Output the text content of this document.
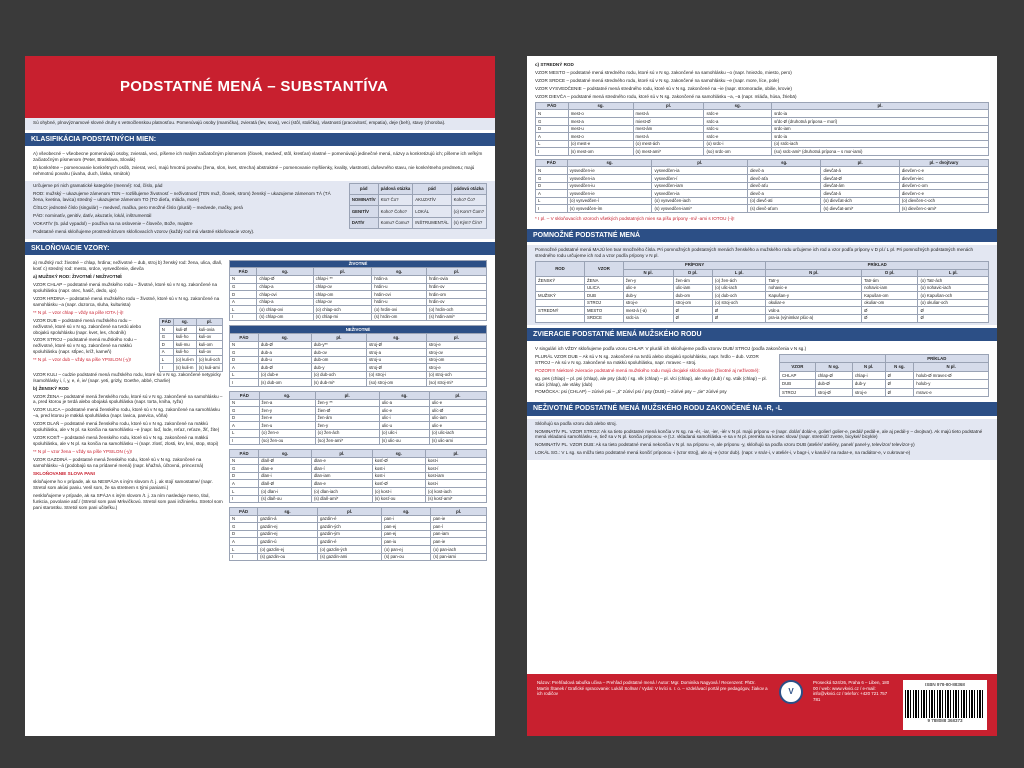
PODSTATNÉ MENÁ – SUBSTANTÍVA
Sú ohybné, plnovýznamové slovné druhy s vetnočlenskou platnosťou. Pomenúvajú osoby (mamička), zvieratá (lev, sova), veci (stôl, stolička), vlastnosti (pracovitosť, empatia), deje (beh), stavy (choroba).
KLASIFIKÁCIA PODSTATNÝCH MIEN:
A) všeobecné – všeobecne pomenúvajú osoby, zvieratá, veci, píšeme ich malým začiatočným písmenom (človek, medveď, stôl, kresťan) vlastné – pomenúvajú jedinečné mená, názvy a konkretizujú ich; píšeme ich veľkým začiatočným písmenom (Peter, Bratislava, Slovák)
B) konkrétne – pomenovanie konkrétnych osôb, zvierat, vecí, majú hmotnú povahu (žena, slon, kvet, strecha) abstraktné – pomenovanie myšlienky, kvality, vlastnosti, duševného stavu, nie konkrétneho predmetu; majú nehmotnú povahu (úvaha, duch, láska, smútok)
Určujeme pri nich gramatické kategórie (menné): rod, číslo, pád
ROD: mužský – ukazujeme zámenom TEN – rozlišujeme životnosť – neživotnosť (TEN muž, človek, strom) ženský – ukazujeme zámenom TÁ (TÁ žena, kvetina, lavica) stredný – ukazujeme zámenom TO (TO dieťa, mláďa, more)
ČÍSLO: jednotné číslo (singulár) – medveď, mačka, pero množné číslo (plurál) – medvede, mačky, perá
PÁD: nominatív, genitív, datív, akuzatív, lokál, inštrumentál
VOKATÍV (5. pád vypadol) – používa sa na oslovenie – človeče, Bože, majstre
pád	pádová otázka	pád	pádová otázka
NOMINATÍV	Kto? Čo?	AKUZATÍV	Koho? Čo?
GENITÍV	Koho? Čoho?	LOKÁL	(o) Kom? Čom?
DATÍV	Komu? Čomu?	INŠTRUMENTÁL	(s) Kým? Čím?
Podstatné mená skloňujeme prostredníctvom skloňovacích vzorov (každý rod má vlastné skloňovacie vzory).
SKLOŇOVACIE VZORY:
a) mužský rod: životné – chlap, hrdina; neživotné – dub, stroj b) ženský rod: žena, ulica, dlaň, kosť c) stredný rod: mesto, srdce, vysvedčenie, dievča
a) MUŽSKÝ ROD: ŽIVOTNÉ / NEŽIVOTNÉ
VZOR CHLAP – podstatné mená mužského rodu – životné, ktoré sú v N sg. zakončené na spoluhlásku (napr. otec, hasič, dedo, ujo)
VZOR HRDINA – podstatné mená mužského rodu – životné, ktoré sú v N sg. zakončené na samohlásku –a (napr. dozorca, sluha, kulturista)
** N pl. – vzor chlap – vždy sa píše IOTA (-i)!
VZOR DUB – podstatné mená mužského rodu – neživotné, ktoré sú v N sg. zakončené na tvrdú alebo obojakú spoluhlásku (napr. kvet, les, chodník)
VZOR STROJ – podstatné mená mužského rodu – neživotné, ktoré sú v N sg. zakončené na mäkkú spoluhlásku (napr. stĺpec, kríž, kameň)
** N pl. – vzor dub – vždy sa píše YPSILON (-y)!
PÁD	sg.	pl.
N	kuli-Ø	kuli-ovia
G	kuli-ho	kuli-ov
D	kuli-mu	kuli-om
A	kuli-ho	kuli-ov
L	(o) kuli-m	(o) kuli-och
I	(s) kuli-m	(s) kuli-ami
VZOR KULI – cudzie podstatné mená mužského rodu, ktoré sú v N sg. zakončené netypicky /samohlásky i, í, y, e, é, ie/ (napr. yeti, grizly, Goethe, abbé, Charlie)
b) ŽENSKÝ ROD
VZOR ŽENA – podstatné mená ženského rodu, ktoré sú v N sg. zakončené na samohlásku –a, pred ktorou je tvrdá alebo obojaká spoluhláska (napr. torta, kniha, ryža)
VZOR ULICA – podstatné mená ženského rodu, ktoré sú v N sg. zakončené na samohlásku –a, pred ktorou je mäkká spoluhláska (napr. lavica, panvica, vôňa)
VZOR DLAŇ – podstatné mená ženského rodu, ktoré sú v N sg. zakončené na mäkkú spoluhlásku, ale v N pl. sa končia na samohlásku –e (napr. loď, lode, reťaz, reťaze, žiť, žite)
VZOR KOSŤ – podstatné mená ženského rodu, ktoré sú v N sg. zakončené na mäkkú spoluhlásku, ale v N pl. sa končia na samohlásku –i (napr. zlosť, zlosti, krv, krvi, stop, stopi)
** N pl – vzor žena – vždy sa píše YPSILON (-y)!
VZOR GAZDINÁ – podstatné mená ženského rodu, ktoré sú v N sg. zakončené na samohlásku –á (podobajú sa na prídavné mená) (napr. kňažná, účtovná, princezná)
SKLOŇOVANIE SLOVA PANI
skloňujeme ho v prípade, ak sa NESPÁJA s iným slovom /t. j. ak stojí samostatne/ (napr. Stretol som akúsi paniu. Veril som, že sa stretnem s tými paniami.)
neskloňujeme v prípade, ak sa SPÁJA s iným slovom /t. j. za ním nasleduje meno, titul, funkcia, povolanie atď./ (Stretol som pani Mrkvičkovú. Stretol som pani inžinierku. Stretol som pani starostku. Stretol som pani učiteľku.)
ŽIVOTNÉ				
PÁD	sg.	pl.	sg.	pl.
N	chlap-Ø	chlap-i **	hrdin-a	hrdin-ovia
G	chlap-a	chlap-ov	hrdin-u	hrdin-ov
D	chlap-ovi	chlap-om	hrdin-ovi	hrdin-om
A	chlap-a	chlap-ov	hrdin-u	hrdin-ov
L	(o) chlap-ovi	(o) chlap-och	(o) hrdin-ovi	(o) hrdin-och
I	(s) chlap-om	(s) chlap-mi	(s) hrdin-om	(s) hrdin-ami*
NEŽIVOTNÉ				
PÁD	sg.	pl.	sg.	pl.
N	dub-Ø	dub-y**	stroj-Ø	stroj-e
G	dub-a	dub-ov	stroj-a	stroj-ov
D	dub-u	dub-om	stroj-u	stroj-om
A	dub-Ø	dub-y	stroj-Ø	stroj-e
L	(o) dub-e	(o) dub-och	(o) stroj-i	(o) stroj-och
I	(s) dub-om	(s) dub-mi*	(so) stroj-om	(so) stroj-mi*
PÁD	sg.	pl.	sg.	pl.
N	žen-a	žen-y **	ulic-a	ulic-e
G	žen-y	žien-Ø	ulic-e	ulíc-Ø
D	žen-e	žen-ám	ulic-i	ulic-iam
A	žen-u	žen-y	ulic-u	ulic-e
L	(o) žen-e	(o) žen-ách	(o) ulic-i	(o) ulic-iach
I	(so) žen-ou	(so) žen-ami*	(s) ulic-ou	(s) ulic-ami
PÁD	sg.	pl.	sg.	pl.
N	dlaň-Ø	dlan-e	kosť-Ø	kost-i
G	dlan-e	dlan-í	kost-i	kost-í
D	dlan-i	dlan-iam	kost-i	kost-iam
A	dlaň-Ø	dlan-e	kosť-Ø	kost-i
L	(o) dlan-i	(o) dlan-iach	(o) kost-i	(o) kost-iach
I	(s) dlaň-ou	(s) dlaň-ami*	(s) kosť-ou	(s) kosť-ami*
PÁD	sg.	pl.	sg.	pl.
N	gazdin-á	gazdin-é	pan-i	pan-ie
G	gazdin-ej	gazdin-ých	pan-ej	pan-í
D	gazdin-ej	gazdin-ým	pan-ej	pan-iam
A	gazdin-ú	gazdin-é	pan-iu	pan-ie
L	(o) gazdin-ej	(o) gazdin-ých	(o) pan-ej	(o) pan-iach
I	(s) gazdin-ou	(s) gazdin-ami	(s) pan-ou	(s) pan-iami
c) STREDNÝ ROD
VZOR MESTO – podstatné mená stredného rodu, ktoré sú v N sg. zakončené na samohlásku –o (napr. hniezdo, miesto, pero)
VZOR SRDCE – podstatné mená stredného rodu, ktoré sú v N sg. zakončené na samohlásku –e (napr. more, líce, pole)
VZOR VYSVEDČENIE – podstatné mená stredného rodu, ktoré sú v N sg. zakončené na –ie (napr. stromoradie, obilie, krovie)
VZOR DIEVČA – podstatné mená stredného rodu, ktoré sú v N sg. zakončené na samohlásku –a, –ä (napr. mláďa, húsa, žriebä)
PÁD	sg.	pl.	sg.	pl.
N	mest-o	mest-á	srdc-e	srdc-ia
G	mest-a	miest-Ø	srdc-a	sŕdc-Ø (druhotná prípona – morí)
D	mest-u	mest-ám	srdc-u	srdc-iam
A	mest-o	mest-á	srdc-e	srdc-ia
L	(o) mest-e	(o) mest-ách	(o) srdc-i	(o) srdc-iach
I	(s) mest-om	(s) mest-ami*	(so) srdc-om	(so) srdc-ami* (druhotná prípona – s mor-iami)
PÁD	sg.	pl.	sg.	pl.	pl. – dvojtvary
N	vysvedčen-ie	vysvedčen-ia	dievč-a	dievčat-á	dievčen-c-e
G	vysvedčen-ia	vysvedčen-í	dievč-aťa	dievčat-Ø	dievčen-iec
D	vysvedčen-iu	vysvedčen-iam	dievč-aťu	dievčat-ám	dievčen-c-om
A	vysvedčen-ie	vysvedčen-ia	dievč-a	dievčat-á	dievčen-c-e
L	(o) vysvedčen-í	(o) vysvedčen-iach	(o) dievč-ati	(o) dievčat-ách	(o) dievčen-c-och
I	(s) vysvedčen-ím	(s) vysvedčen-iami*	(s) dievč-aťom	(s) dievčat-ami*	(s) dievčen-c-ami*
* I pl. – V skloňovacích vzoroch všetkých podstatných mien sa píšu prípony -mi/ -ami s IOTOU (-i)!
POMNOŽNÉ PODSTATNÉ MENÁ
Pomnožné podstatné mená MAJÚ len tvar množného čísla. Pri pomnožných podstatných menách ženského a mužského rodu určujeme ich rod a vzor podľa prípony v D pl./ L pl. Pri pomnožných podstatných menách stredného rodu určujeme ich rod a vzor podľa prípony v N pl.
ROD	VZOR	PRÍPONY			PRÍKLAD		
		N pl.	D pl.	L pl.	N pl.	D pl.	L pl.
ŽENSKÝ	ŽENA	žen-y	žen-ám	(o) žen-ách	Tatr-y	Tatr-ám	(o) Tatr-ách
	ULICA	ulic-e	ulic-iam	(o) ulic-iach	nohavic-e	nohavic-iam	(o) nohavic-iach
MUŽSKÝ	DUB	dub-y	dub-om	(o) dub-och	Kapušan-y	Kapušan-om	(o) Kapušan-och
	STROJ	stroj-e	stroj-om	(o) stroj-och	okuliar-e	okuliar-om	(o) okuliar-och
STREDNÝ	MESTO	mest-á (-a)	Ø	Ø	vrát-a	Ø	Ø
	SRDCE	srdc-ia	Ø	Ø	pra-ia (výnimka! plúc-a)	Ø	Ø
ZVIERACIE PODSTATNÉ MENÁ MUŽSKÉHO RODU
V singulári ich VŽDY skloňujeme podľa vzoru CHLAP. V plurálí ich skloňujeme podľa vzorov DUB/ STROJ (podľa zakončenia v N sg.)
PLURÁL VZOR DUB – Ak sú v N sg. zakončené na tvrdú alebo obojakú spoluhlásku, napr. hrdlo – dub. VZOR STROJ – Ak sú v N sg. zakončené na mäkkú spoluhlásku, napr. mravec – stroj.
POZOR!!! Niektoré zvieracie podstatné mená mužského rodu majú dvojaké skloňovanie (životné aj neživotné):
sg. pes (chlap) – pl. psi (chlap), ale psy (dub) / sg. vlk (chlap) – pl. vlci (chlap), ale vlky (dub) / sg. vták (chlap) – pl. vtáci (chlap), ale vtáky (dub)
POMÔCKA: psi (CHLAP) – zúrivé psi – „ti“ zúriví psi / psy (DUB) – zúrivé psy – „tie“ zúrivé psy
			PRÍKLAD	
VZOR	N sg.	N pl.	N sg.	N pl.
CHLAP	chlap-Ø	chlap-i	Ø	holub-Ø mravec-Ø
DUB	dub-Ø	dub-y	Ø	holub-y
STROJ	stroj-Ø	stroj-e	Ø	mravc-e
NEŽIVOTNÉ PODSTATNÉ MENÁ MUŽSKÉHO RODU ZAKONČENÉ NA -R, -L
Skloňujú sa podľa vzoru dub alebo stroj.
NOMINATÍV PL. VZOR STROJ: Ak sa tieto podstatné mená končia v N sg. na -ér, -iar, -ier, -iér v N pl. majú príponu -e (napr. dolár/ dolár-e, golier/ golier-e, pedál/ pedál-e, ale aj pedál-y – dvojtvar). Ak majú tieto podstatné mená vkladanú samohlásku -e, tiež sa v N pl. končia príponou -e (t.z. vkladaná samohláska -e sa v N pl. premkla na konec slova/ (napr. stretnúť/ zvetre, bicykel/ bicykle)
NOMINATÍV PL. VZOR DUB: Ak sa tieto podstatné mená nekončia v N pl. na príponu -e, ale príponu -y, skloňujú sa podľa vzoru DUB (ateliér/ ateliéry, panel/ panel-y, televízor/ televízor-y)
LOKÁL SG.: V L sg. sa môžu tieto podstatné mená končiť príponou -i (vzor stroj), ale aj -e (vzor dub). (napr. v snár-i, v ateliér-i, v bagr-i, v kanál-i/ na radar-e, na radiátor-e, v cukrovar-e)
Názov: Prehľadová tabuľka učiva – Prehľad podstatné mená / Autor: Mgr. Dominika Nagyová / Recenzent: PhDr. Martin Štanek / Grafické spracovanie: Lukáš Sollnar / Vydal: V kvíci s. r. o. – vzdelávací portál pre pedagógov, žiakov a ich rodičov	V
Prosecká 524/26, Praha 6 – Liben, 180 00 / web: www.vkvici.cz / e-mail: info@vkvici.cz / telefon: +420 721 757 781
ISBN 978-80-88368
9 788088 368373
